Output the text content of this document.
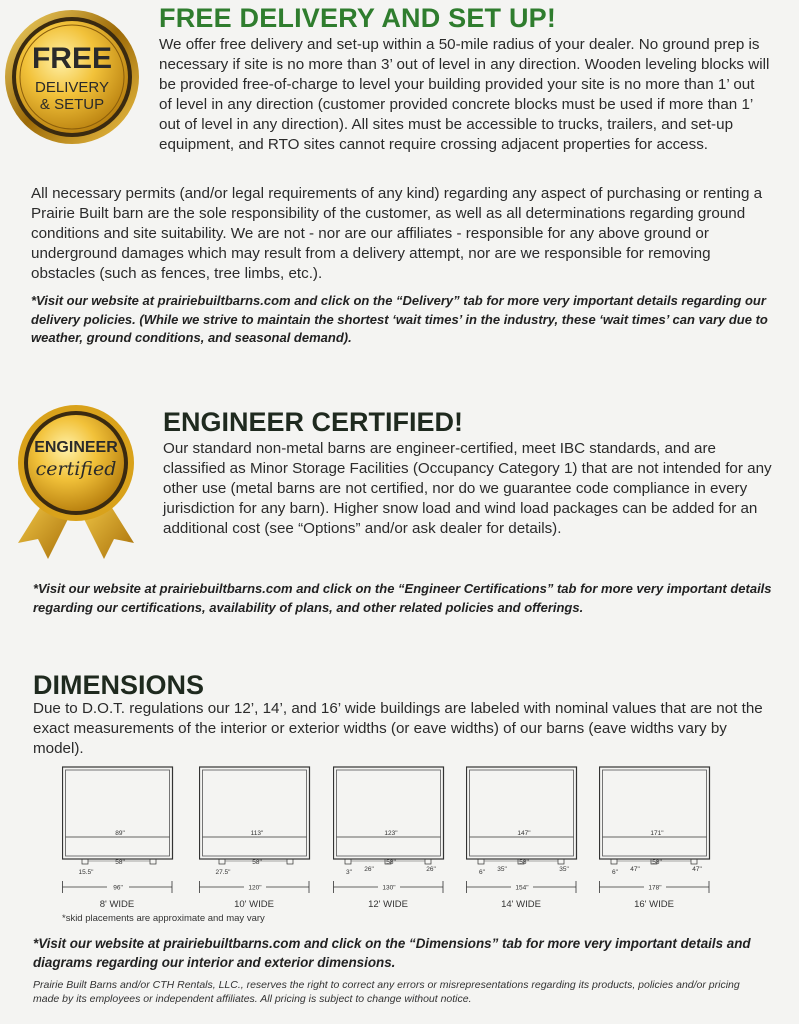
FREE
DELIVERY
& SETUP
FREE DELIVERY AND SET UP!
We offer free delivery and set-up within a 50-mile radius of your dealer. No ground prep is necessary if site is no more than 3’ out of level in any direction. Wooden leveling blocks will be provided free-of-charge to level your building provided your site is no more than 1’ out of level in any direction (customer provided concrete blocks must be used if more than 1’ out of level in any direction). All sites must be accessible to trucks, trailers, and set-up equipment, and RTO sites cannot require crossing adjacent properties for access.
All necessary permits (and/or legal requirements of any kind) regarding any aspect of purchasing or renting a Prairie Built barn are the sole responsibility of the customer, as well as all determinations regarding ground conditions and site suitability. We are not - nor are our affiliates - responsible for any above ground or underground damages which may result from a delivery attempt, nor are we responsible for removing obstacles (such as fences, tree limbs, etc.).
*Visit our website at prairiebuiltbarns.com and click on the “Delivery” tab for more very important details regarding our delivery policies. (While we strive to maintain the shortest ‘wait times’ in the industry, these ‘wait times’ can vary due to weather, ground conditions, and seasonal demand).
ENGINEER
certified
ENGINEER CERTIFIED!
Our standard non-metal barns are engineer-certified, meet IBC standards, and are classified as Minor Storage Facilities (Occupancy Category 1) that are not intended for any other use (metal barns are not certified, nor do we guarantee code compliance in every jurisdiction for any barn). Higher snow load and wind load packages can be added for an additional cost (see “Options” and/or ask dealer for details).
*Visit our website at prairiebuiltbarns.com and click on the “Engineer Certifications” tab for more very important details regarding our certifications, availability of plans, and other related policies and offerings.
DIMENSIONS
Due to D.O.T. regulations our 12’, 14’, and 16’ wide buildings are labeled with nominal values that are not the exact measurements of the interior or exterior widths (or eave widths) of our barns (eave widths vary by model).
89"
58"
15.5"
96"
8' WIDE
113"
58"
27.5"
120"
10' WIDE
123"
58"
3" 26"	26"
130"
12' WIDE
147"
58"
6" 35"	35"
154"
14' WIDE
171"
58"
6" 47"	47"
178"
16' WIDE
*skid placements are approximate and may vary
*Visit our website at prairiebuiltbarns.com and click on the “Dimensions” tab for more very important details and diagrams regarding our interior and exterior dimensions.
Prairie Built Barns and/or CTH Rentals, LLC., reserves the right to correct any errors or misrepresentations regarding its products, policies and/or pricing made by its employees or independent affiliates. All pricing is subject to change without notice.
